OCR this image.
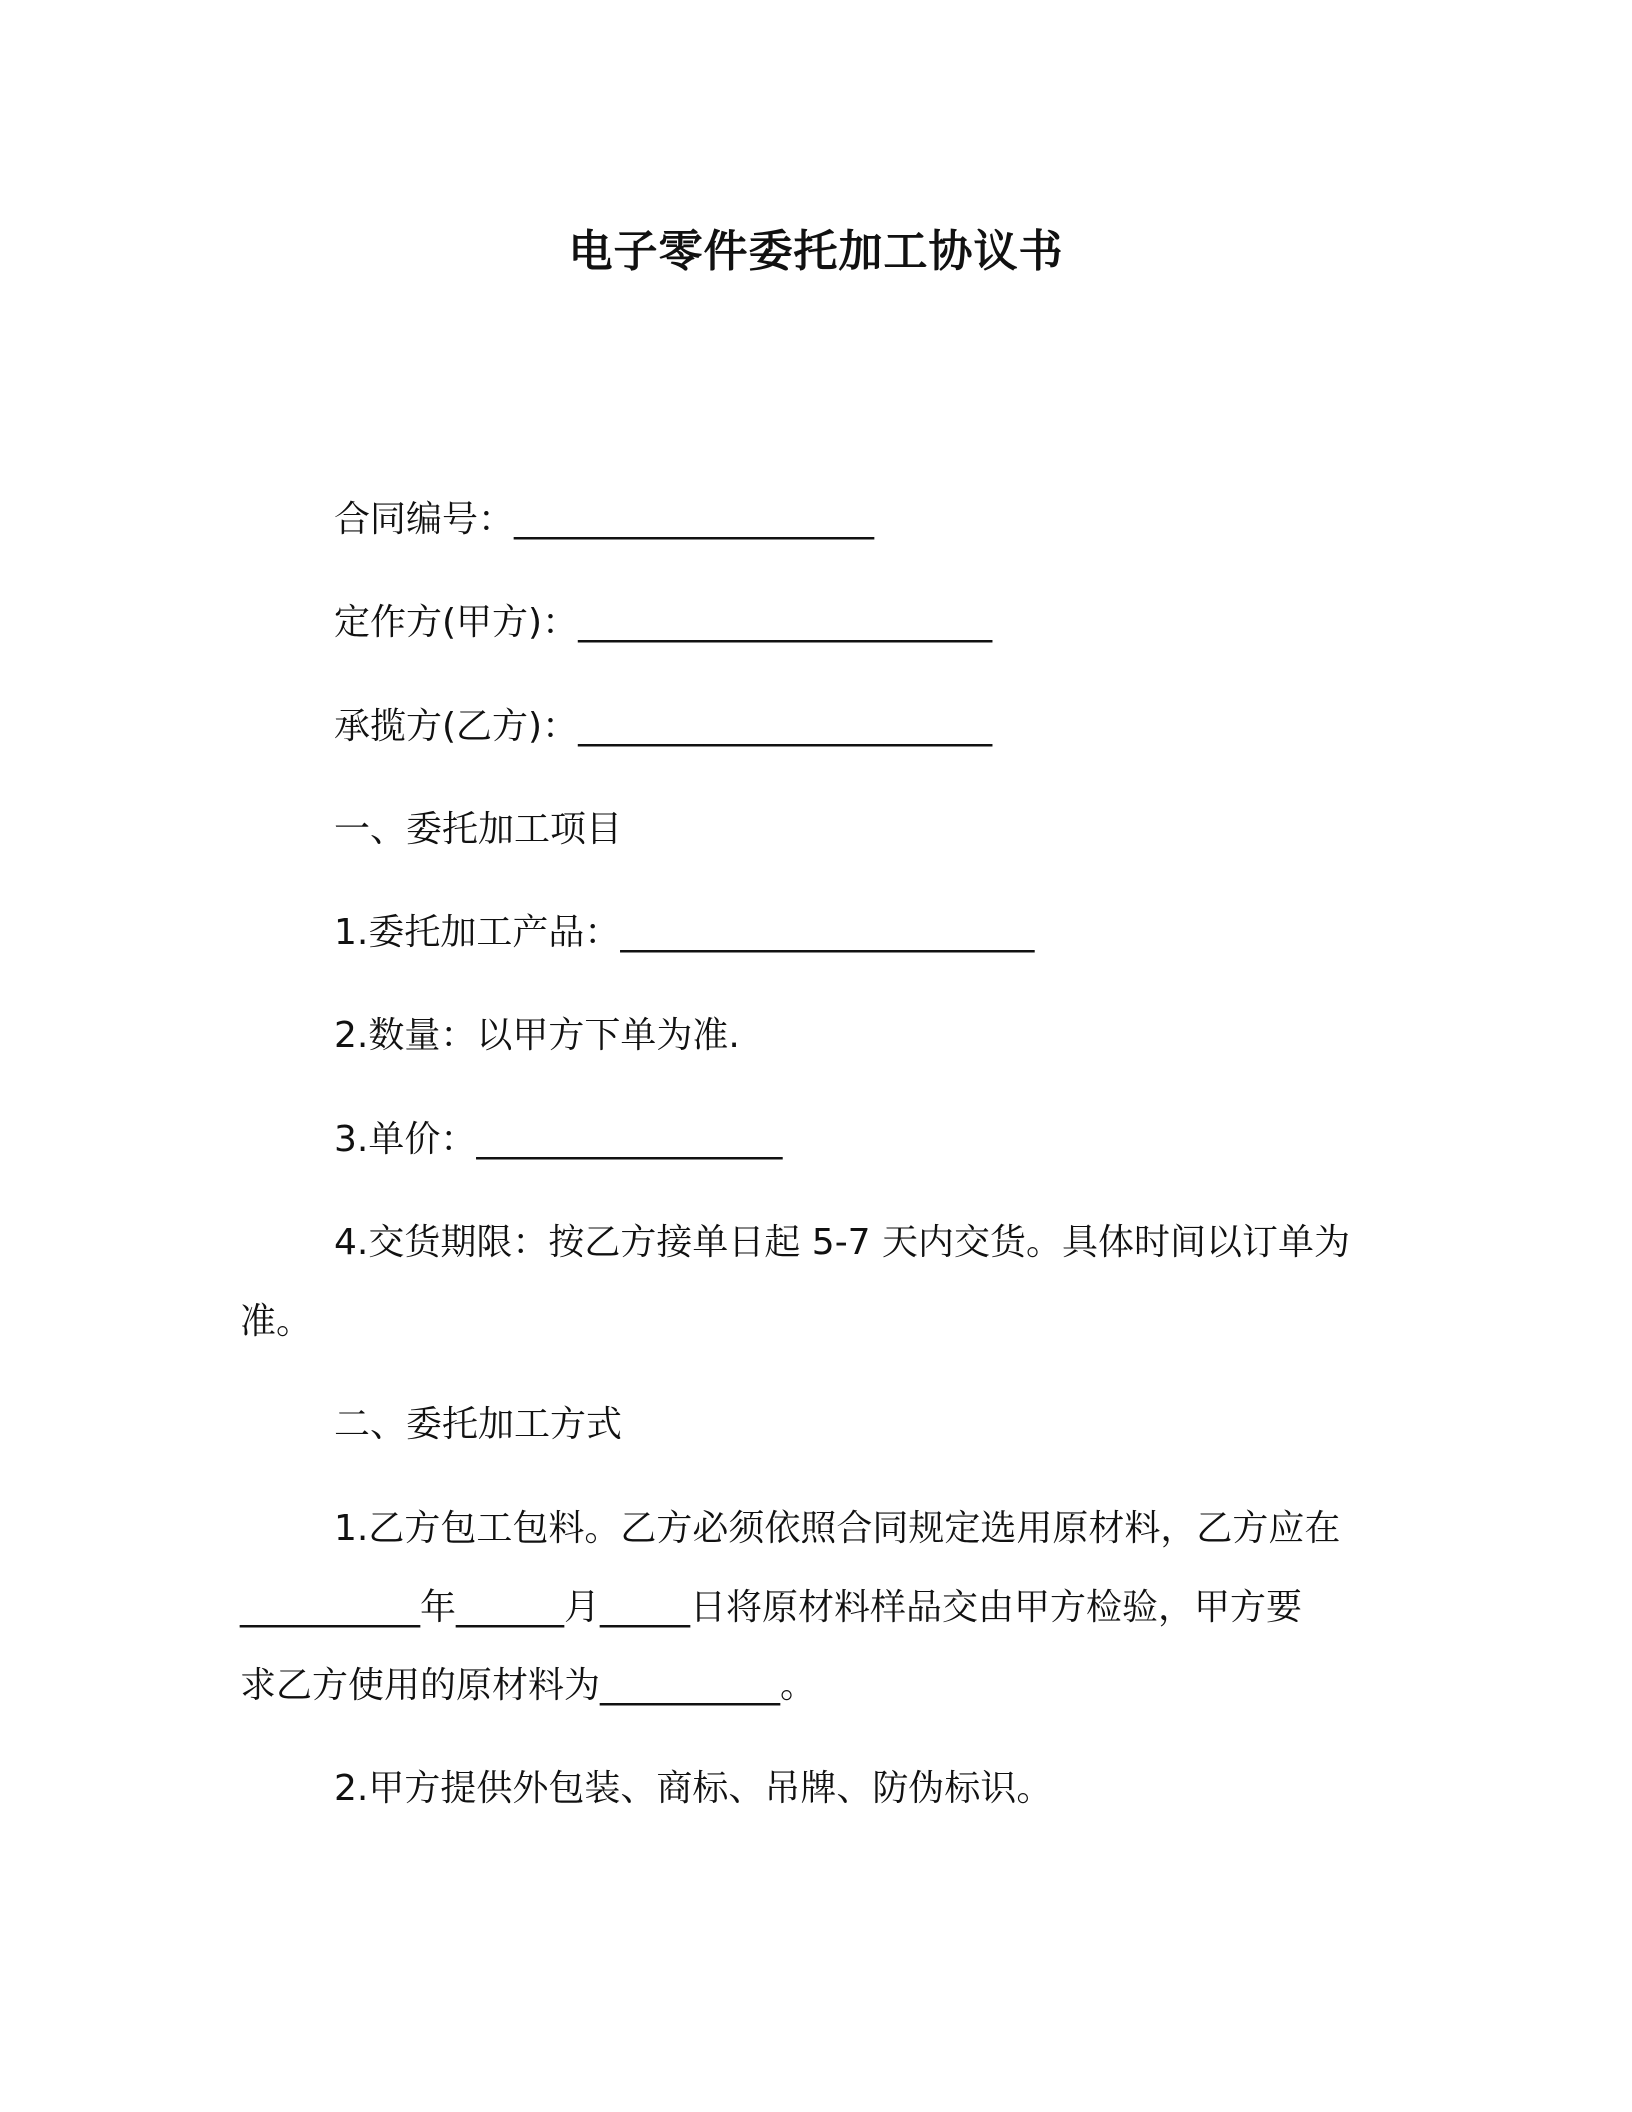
电子零件委托加工协议书
合同编号：____________________
定作方(甲方)：_______________________
承揽方(乙方)：_______________________
一、委托加工项目
1.委托加工产品：_______________________
2.数量：以甲方下单为准.
3.单价：_________________
4.交货期限：按乙方接单日起 5-7 天内交货。具体时间以订单为
准。
二、委托加工方式
1.乙方包工包料。乙方必须依照合同规定选用原材料，乙方应在
__________年______月_____日将原材料样品交由甲方检验，甲方要
求乙方使用的原材料为__________。
2.甲方提供外包装、商标、吊牌、防伪标识。
